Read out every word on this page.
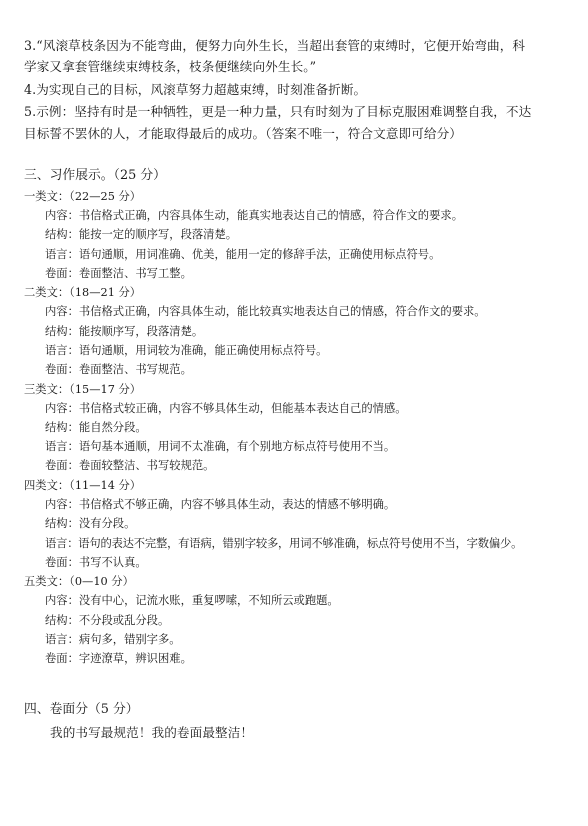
3.“风滚草枝条因为不能弯曲，便努力向外生长，当超出套管的束缚时，它便开始弯曲，科
学家又拿套管继续束缚枝条，枝条便继续向外生长。”
4.为实现自己的目标，风滚草努力超越束缚，时刻准备折断。
5.示例：坚持有时是一种牺牲，更是一种力量，只有时刻为了目标克服困难调整自我，不达
目标誓不罢休的人，才能取得最后的成功。（答案不唯一，符合文意即可给分）
三、习作展示。（25 分）
一类文：（22—25 分）
内容：书信格式正确，内容具体生动，能真实地表达自己的情感，符合作文的要求。
结构：能按一定的顺序写，段落清楚。
语言：语句通顺，用词准确、优美，能用一定的修辞手法，正确使用标点符号。
卷面：卷面整洁、书写工整。
二类文：（18—21 分）
内容：书信格式正确，内容具体生动，能比较真实地表达自己的情感，符合作文的要求。
结构：能按顺序写，段落清楚。
语言：语句通顺，用词较为准确，能正确使用标点符号。
卷面：卷面整洁、书写规范。
三类文：（15—17 分）
内容：书信格式较正确，内容不够具体生动，但能基本表达自己的情感。
结构：能自然分段。
语言：语句基本通顺，用词不太准确，有个别地方标点符号使用不当。
卷面：卷面较整洁、书写较规范。
四类文：（11—14 分）
内容：书信格式不够正确，内容不够具体生动，表达的情感不够明确。
结构：没有分段。
语言：语句的表达不完整，有语病，错别字较多，用词不够准确，标点符号使用不当，字数偏少。
卷面：书写不认真。
五类文：（0—10 分）
内容：没有中心，记流水账，重复啰嗦，不知所云或跑题。
结构：不分段或乱分段。
语言：病句多，错别字多。
卷面：字迹潦草，辨识困难。
四、卷面分（5 分）
我的书写最规范！我的卷面最整洁！
